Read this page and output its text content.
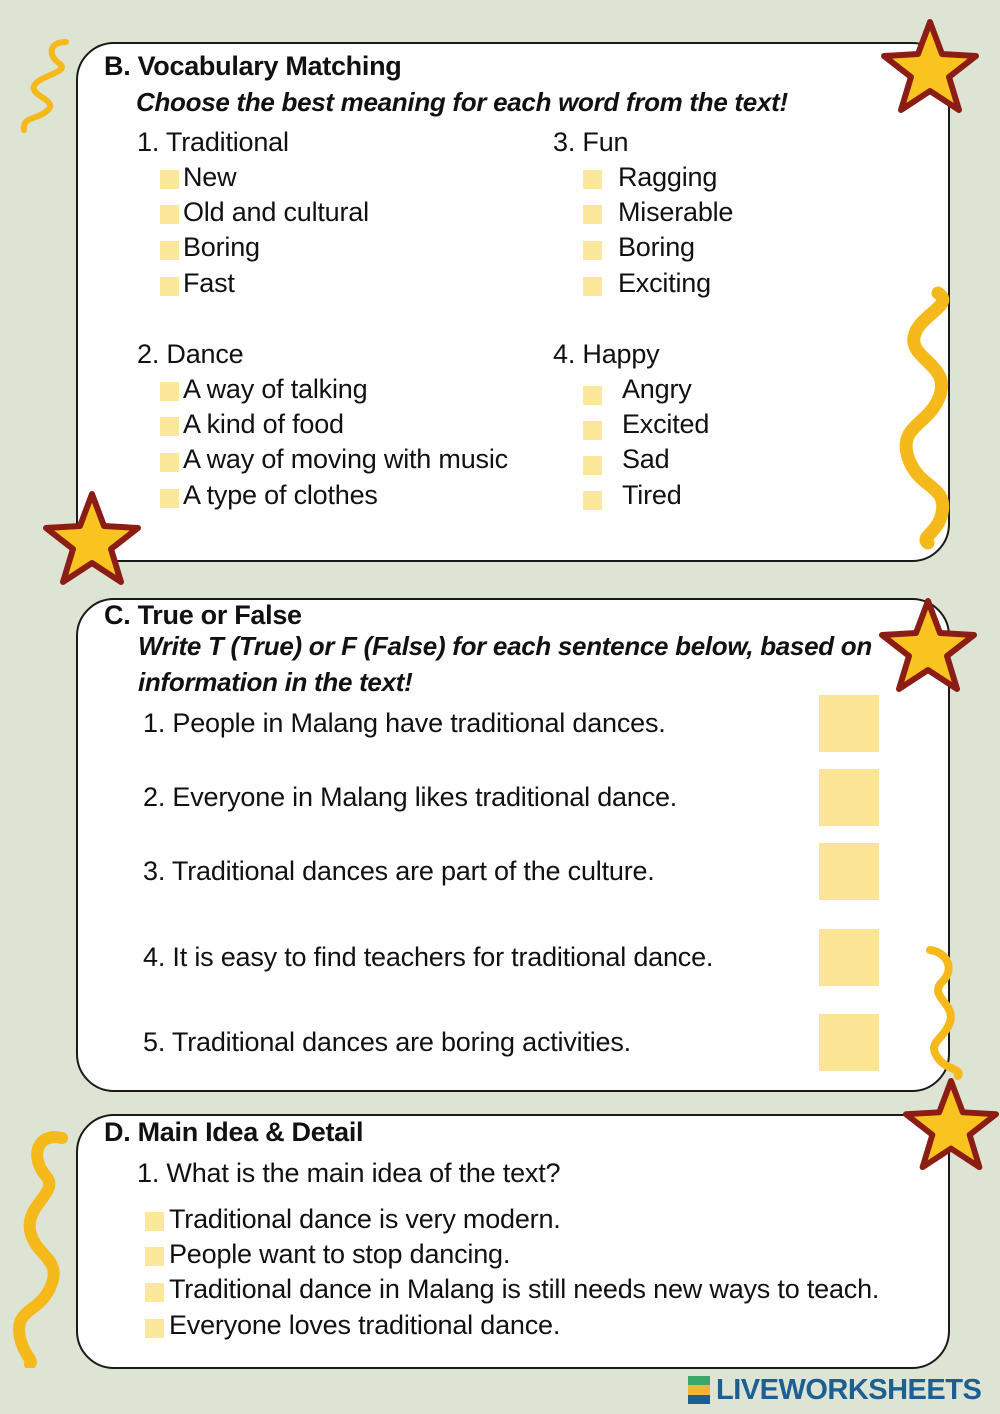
B. Vocabulary Matching
Choose the best meaning for each word from the text!
1. Traditional
New
Old and cultural
Boring
Fast
2. Dance
A way of talking
A kind of food
A way of moving with music
A type of clothes
3. Fun
Ragging
Miserable
Boring
Exciting
4. Happy
Angry
Excited
Sad
Tired
C. True or False
Write T (True) or F (False) for each sentence below, based on
information in the text!
1. People in Malang have traditional dances.
2. Everyone in Malang likes traditional dance.
3. Traditional dances are part of the culture.
4. It is easy to find teachers for traditional dance.
5. Traditional dances are boring activities.
D. Main Idea & Detail
1. What is the main idea of the text?
Traditional dance is very modern.
People want to stop dancing.
Traditional dance in Malang is still needs new ways to teach.
Everyone loves traditional dance.
LIVEWORKSHEETS
